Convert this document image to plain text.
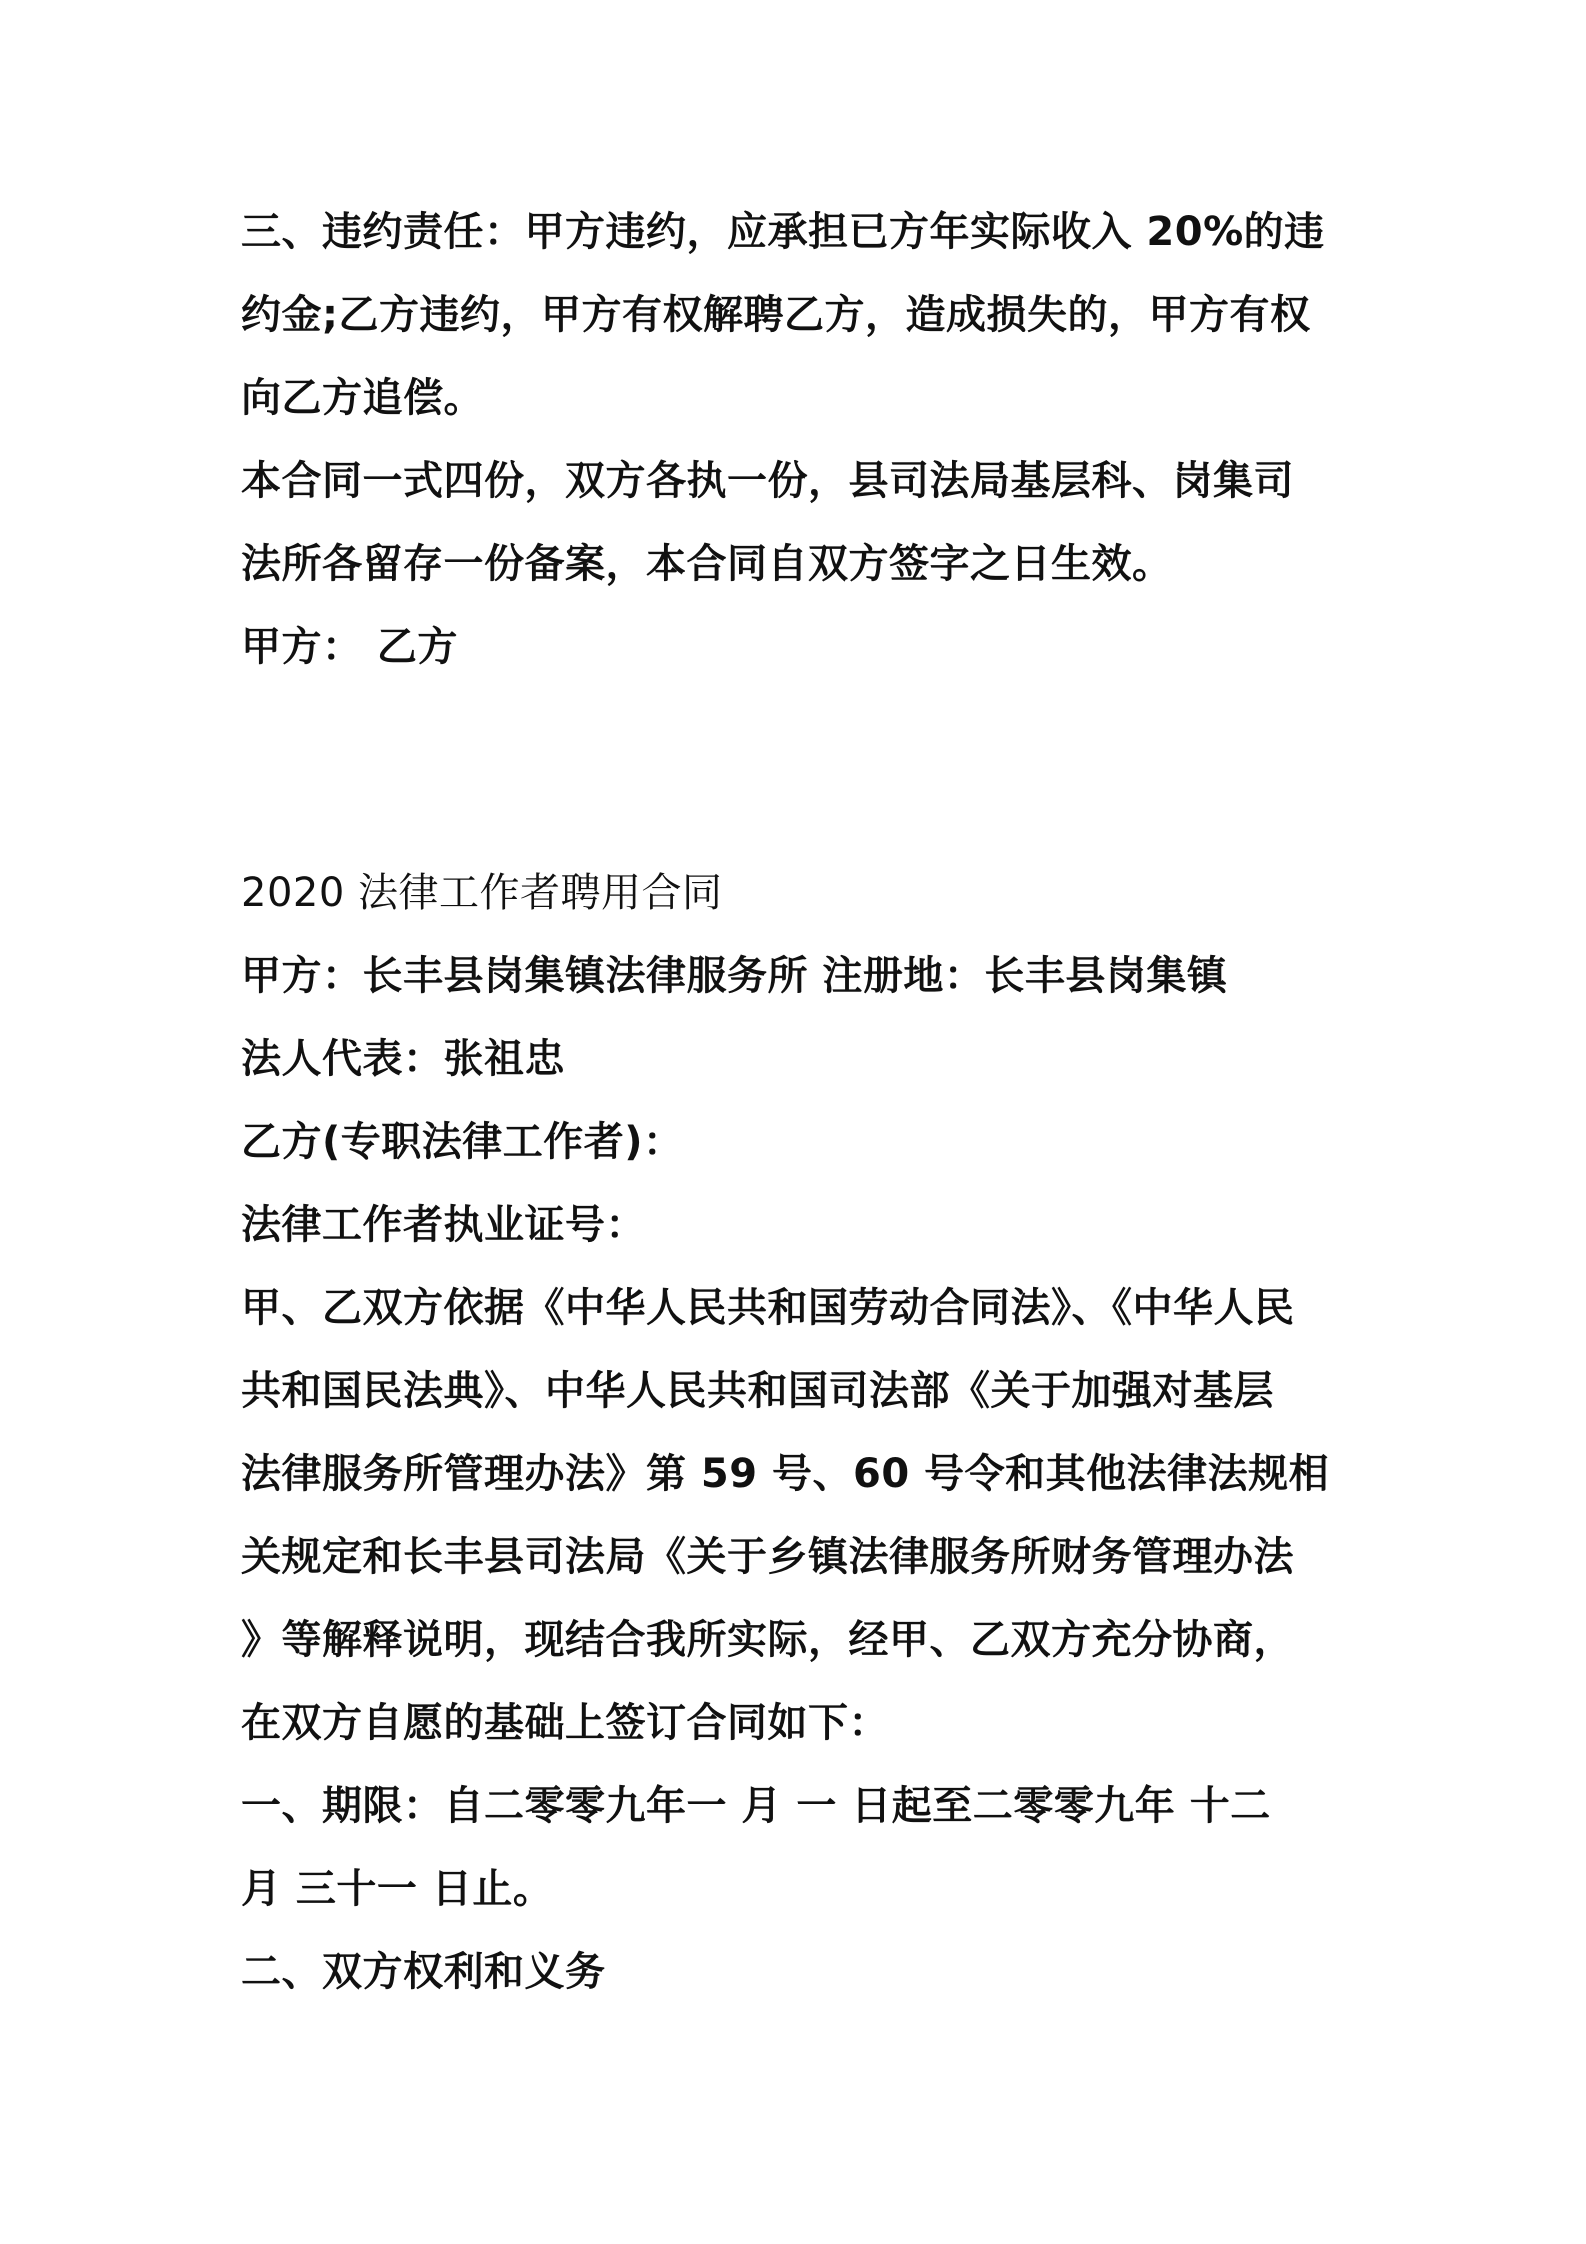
三、违约责任：甲方违约，应承担已方年实际收入 20%的违
约金;乙方违约，甲方有权解聘乙方，造成损失的，甲方有权
向乙方追偿。
本合同一式四份，双方各执一份，县司法局基层科、岗集司
法所各留存一份备案，本合同自双方签字之日生效。
甲方： 乙方
2020 法律工作者聘用合同
甲方：长丰县岗集镇法律服务所 注册地：长丰县岗集镇
法人代表：张祖忠
乙方(专职法律工作者)：
法律工作者执业证号：
甲、乙双方依据《中华人民共和国劳动合同法》、《中华人民
共和国民法典》、中华人民共和国司法部《关于加强对基层
法律服务所管理办法》第 59 号、60 号令和其他法律法规相
关规定和长丰县司法局《关于乡镇法律服务所财务管理办法
》等解释说明，现结合我所实际，经甲、乙双方充分协商，
在双方自愿的基础上签订合同如下：
一、期限：自二零零九年一 月 一 日起至二零零九年 十二
月 三十一 日止。
二、双方权利和义务
